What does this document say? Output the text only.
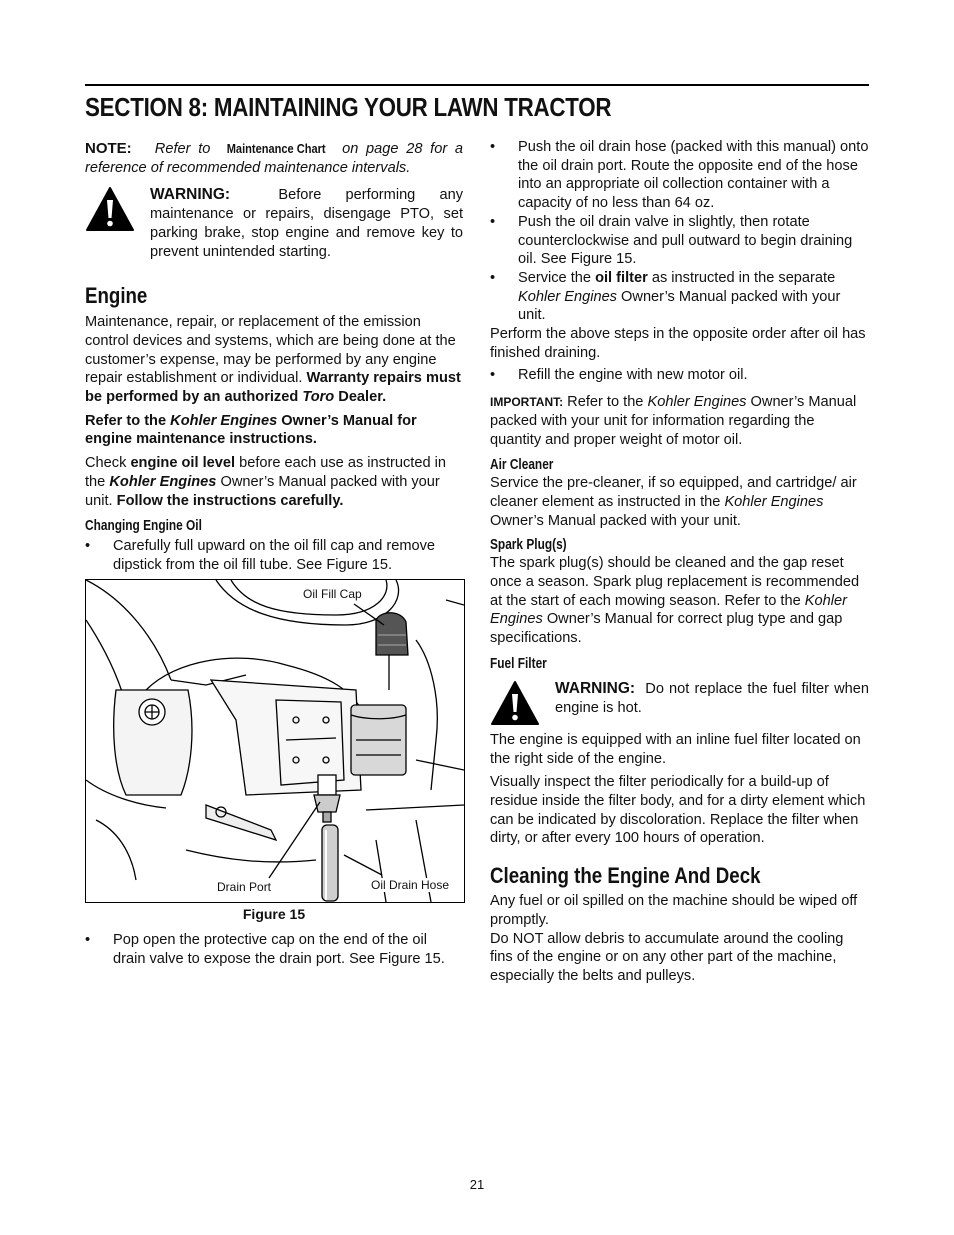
SECTION 8: MAINTAINING YOUR LAWN TRACTOR

NOTE: Refer to Maintenance Chart on page 28 for a reference of recommended maintenance intervals.

WARNING:	Before performing any maintenance or repairs, disengage PTO, set parking brake, stop engine and remove key to prevent unintended starting.

Engine

Maintenance, repair, or replacement of the emission control devices and systems, which are being done at the customer’s expense, may be performed by any engine repair establishment or individual. Warranty repairs must be performed by an authorized Toro Dealer.

Refer to the Kohler Engines Owner’s Manual for engine maintenance instructions.

Check engine oil level before each use as instructed in the Kohler Engines Owner’s Manual packed with your unit. Follow the instructions carefully.

Changing Engine Oil
• Carefully full upward on the oil fill cap and remove dipstick from the oil fill tube. See Figure 15.
Oil Fill Cap
Drain Port	Oil Drain Hose
Figure 15
• Pop open the protective cap on the end of the oil drain valve to expose the drain port. See Figure 15.
• Push the oil drain hose (packed with this manual) onto the oil drain port. Route the opposite end of the hose into an appropriate oil collection container with a capacity of no less than 64 oz.
• Push the oil drain valve in slightly, then rotate counterclockwise and pull outward to begin draining oil. See Figure 15.
• Service the oil filter as instructed in the separate Kohler Engines Owner’s Manual packed with your unit.

Perform the above steps in the opposite order after oil has finished draining.

• Refill the engine with new motor oil.

IMPORTANT: Refer to the Kohler Engines Owner’s Manual packed with your unit for information regarding the quantity and proper weight of motor oil.

Air Cleaner

Service the pre-cleaner, if so equipped, and cartridge/ air cleaner element as instructed in the Kohler Engines Owner’s Manual packed with your unit.

Spark Plug(s)

The spark plug(s) should be cleaned and the gap reset once a season. Spark plug replacement is recommended at the start of each mowing season. Refer to the Kohler Engines Owner’s Manual for correct plug type and gap specifications.

Fuel Filter

WARNING: Do not replace the fuel filter when engine is hot.

The engine is equipped with an inline fuel filter located on the right side of the engine.

Visually inspect the filter periodically for a build-up of residue inside the filter body, and for a dirty element which can be indicated by discoloration. Replace the filter when dirty, or after every 100 hours of operation.

Cleaning the Engine And Deck

Any fuel or oil spilled on the machine should be wiped off promptly.

Do NOT allow debris to accumulate around the cooling fins of the engine or on any other part of the machine, especially the belts and pulleys.

21
